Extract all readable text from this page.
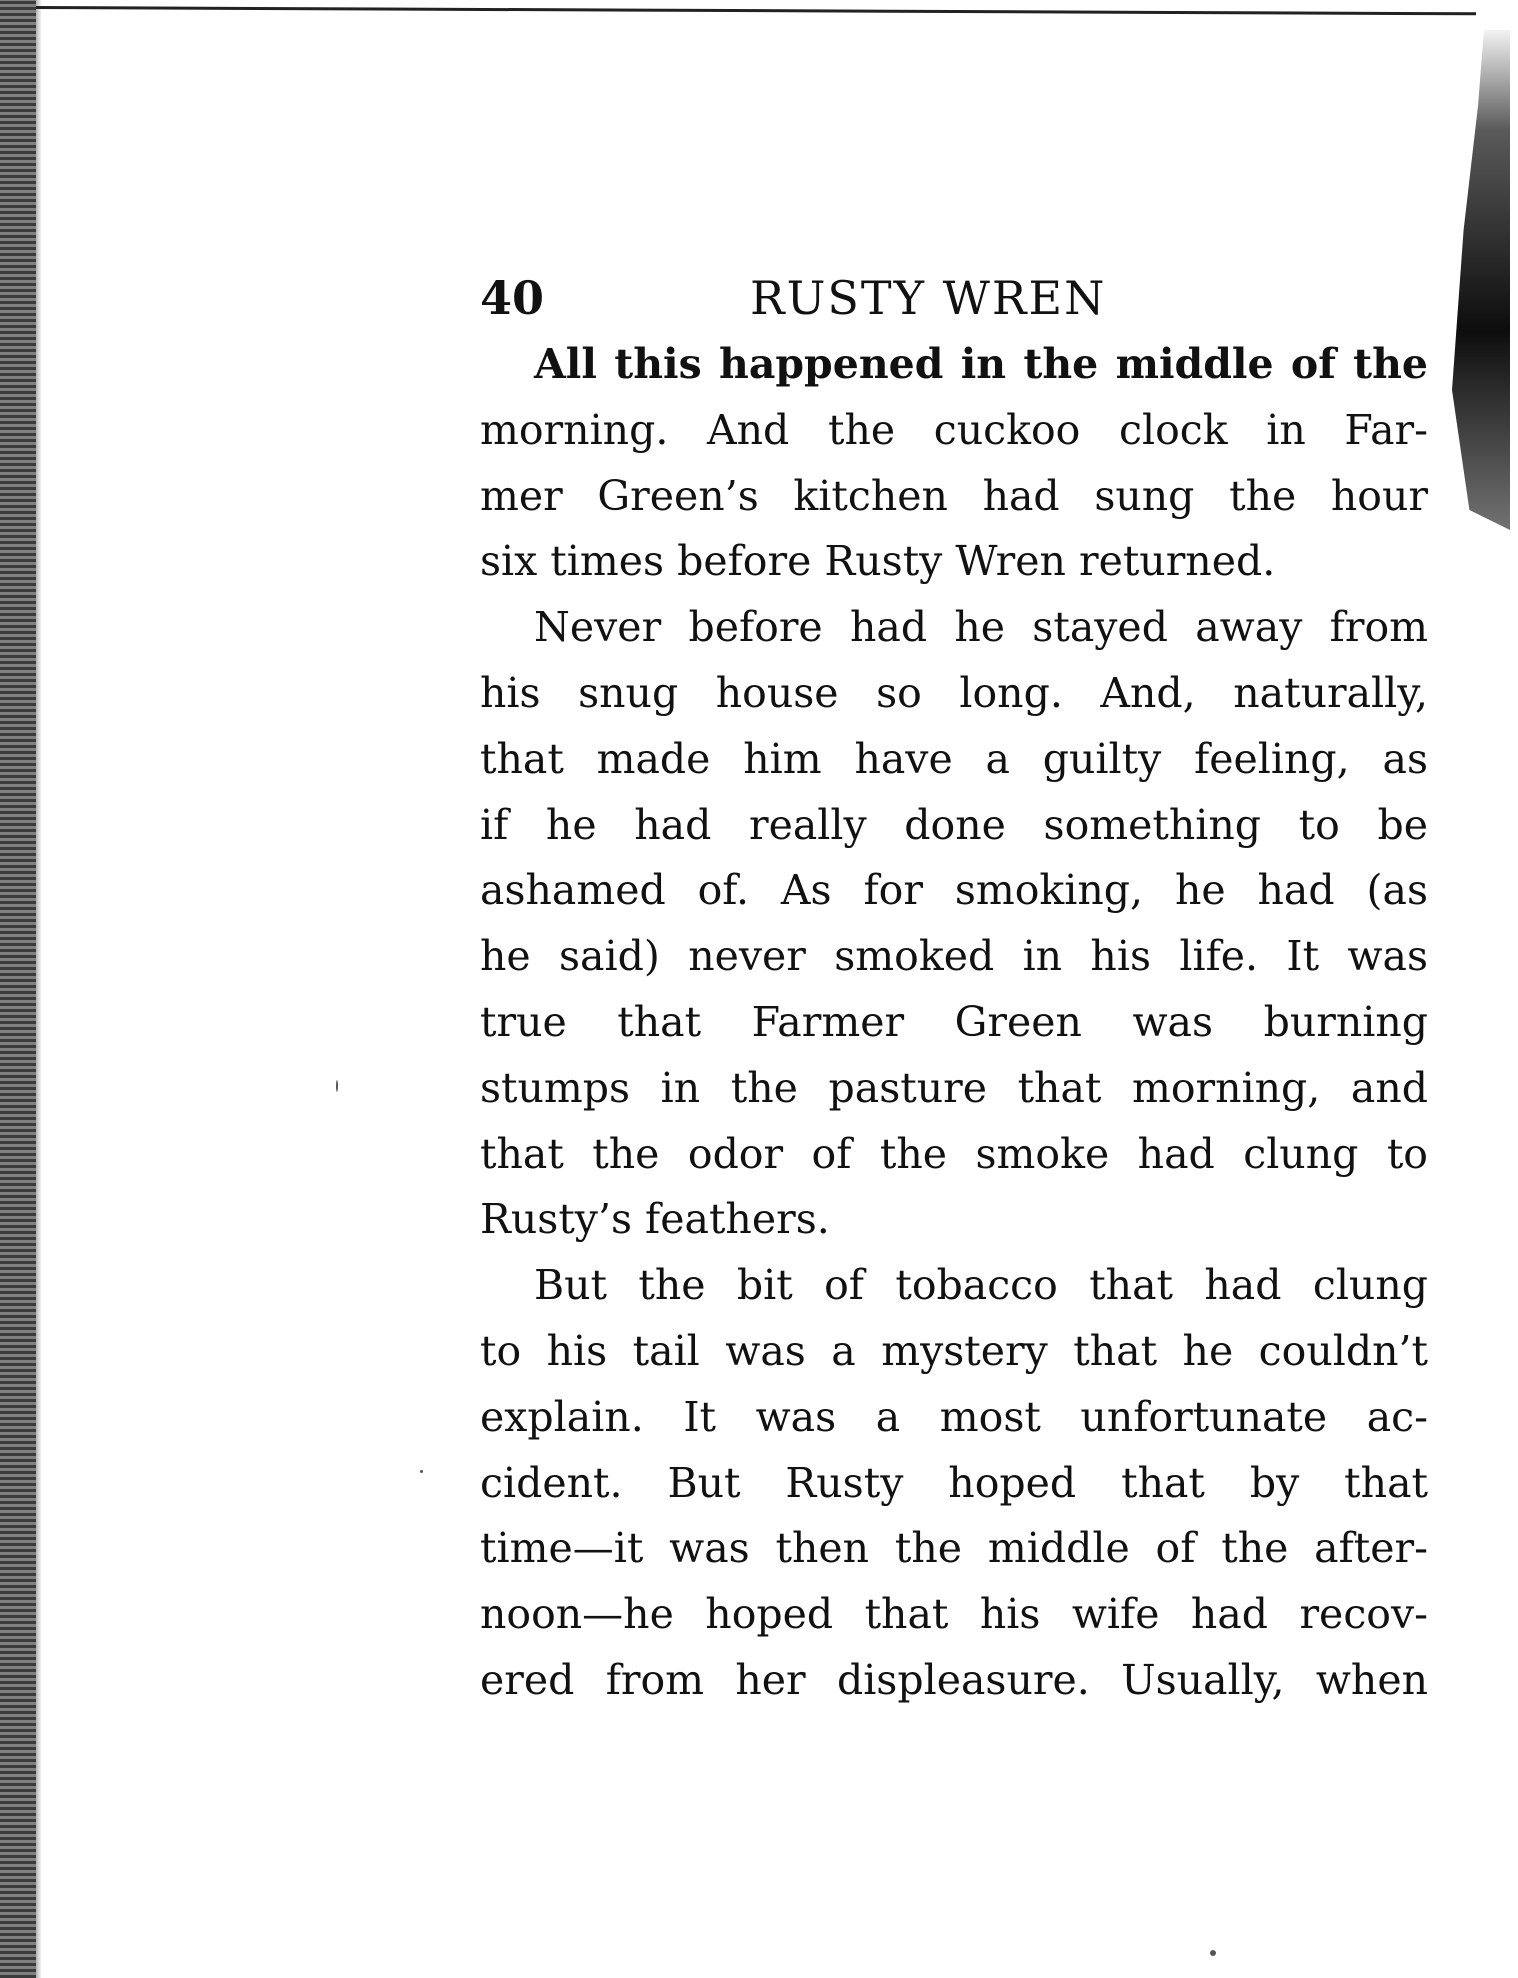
40	RUSTY WREN
All this happened in the middle of the
morning. And the cuckoo clock in Far-
mer Green’s kitchen had sung the hour
six times before Rusty Wren returned.
Never before had he stayed away from
his snug house so long. And, naturally,
that made him have a guilty feeling, as
if he had really done something to be
ashamed of. As for smoking, he had (as
he said) never smoked in his life. It was
true that Farmer Green was burning
stumps in the pasture that morning, and
that the odor of the smoke had clung to
Rusty’s feathers.
But the bit of tobacco that had clung
to his tail was a mystery that he couldn’t
explain. It was a most unfortunate ac-
cident. But Rusty hoped that by that
time—it was then the middle of the after-
noon—he hoped that his wife had recov-
ered from her displeasure. Usually, when
